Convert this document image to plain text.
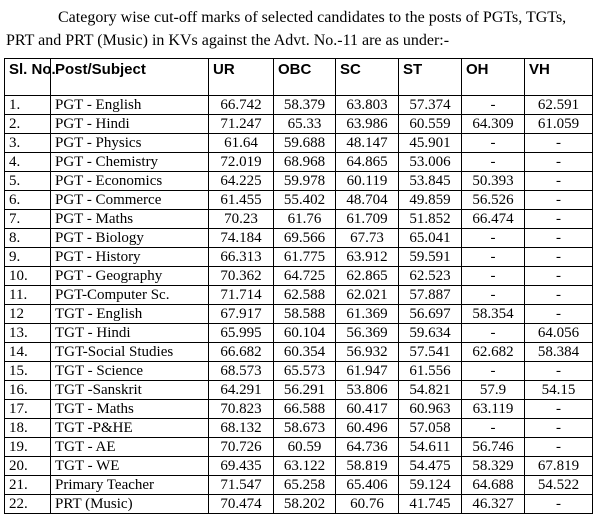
Category wise cut-off marks of selected candidates to the posts of PGTs, TGTs, PRT and PRT (Music) in KVs against the Advt. No.-11 are as under:-
Sl. No.	Post/Subject	UR	OBC	SC	ST	OH	VH
1.	PGT - English	66.742	58.379	63.803	57.374	-	62.591
2.	PGT - Hindi	71.247	65.33	63.986	60.559	64.309	61.059
3.	PGT - Physics	61.64	59.688	48.147	45.901	-	-
4.	PGT - Chemistry	72.019	68.968	64.865	53.006	-	-
5.	PGT - Economics	64.225	59.978	60.119	53.845	50.393	-
6.	PGT - Commerce	61.455	55.402	48.704	49.859	56.526	-
7.	PGT - Maths	70.23	61.76	61.709	51.852	66.474	-
8.	PGT - Biology	74.184	69.566	67.73	65.041	-	-
9.	PGT - History	66.313	61.775	63.912	59.591	-	-
10.	PGT - Geography	70.362	64.725	62.865	62.523	-	-
11.	PGT-Computer Sc.	71.714	62.588	62.021	57.887	-	-
12	TGT - English	67.917	58.588	61.369	56.697	58.354	-
13.	TGT - Hindi	65.995	60.104	56.369	59.634	-	64.056
14.	TGT-Social Studies	66.682	60.354	56.932	57.541	62.682	58.384
15.	TGT - Science	68.573	65.573	61.947	61.556	-	-
16.	TGT -Sanskrit	64.291	56.291	53.806	54.821	57.9	54.15
17.	TGT - Maths	70.823	66.588	60.417	60.963	63.119	-
18.	TGT -P&HE	68.132	58.673	60.496	57.058	-	-
19.	TGT - AE	70.726	60.59	64.736	54.611	56.746	-
20.	TGT - WE	69.435	63.122	58.819	54.475	58.329	67.819
21.	Primary Teacher	71.547	65.258	65.406	59.124	64.688	54.522
22.	PRT (Music)	70.474	58.202	60.76	41.745	46.327	-
